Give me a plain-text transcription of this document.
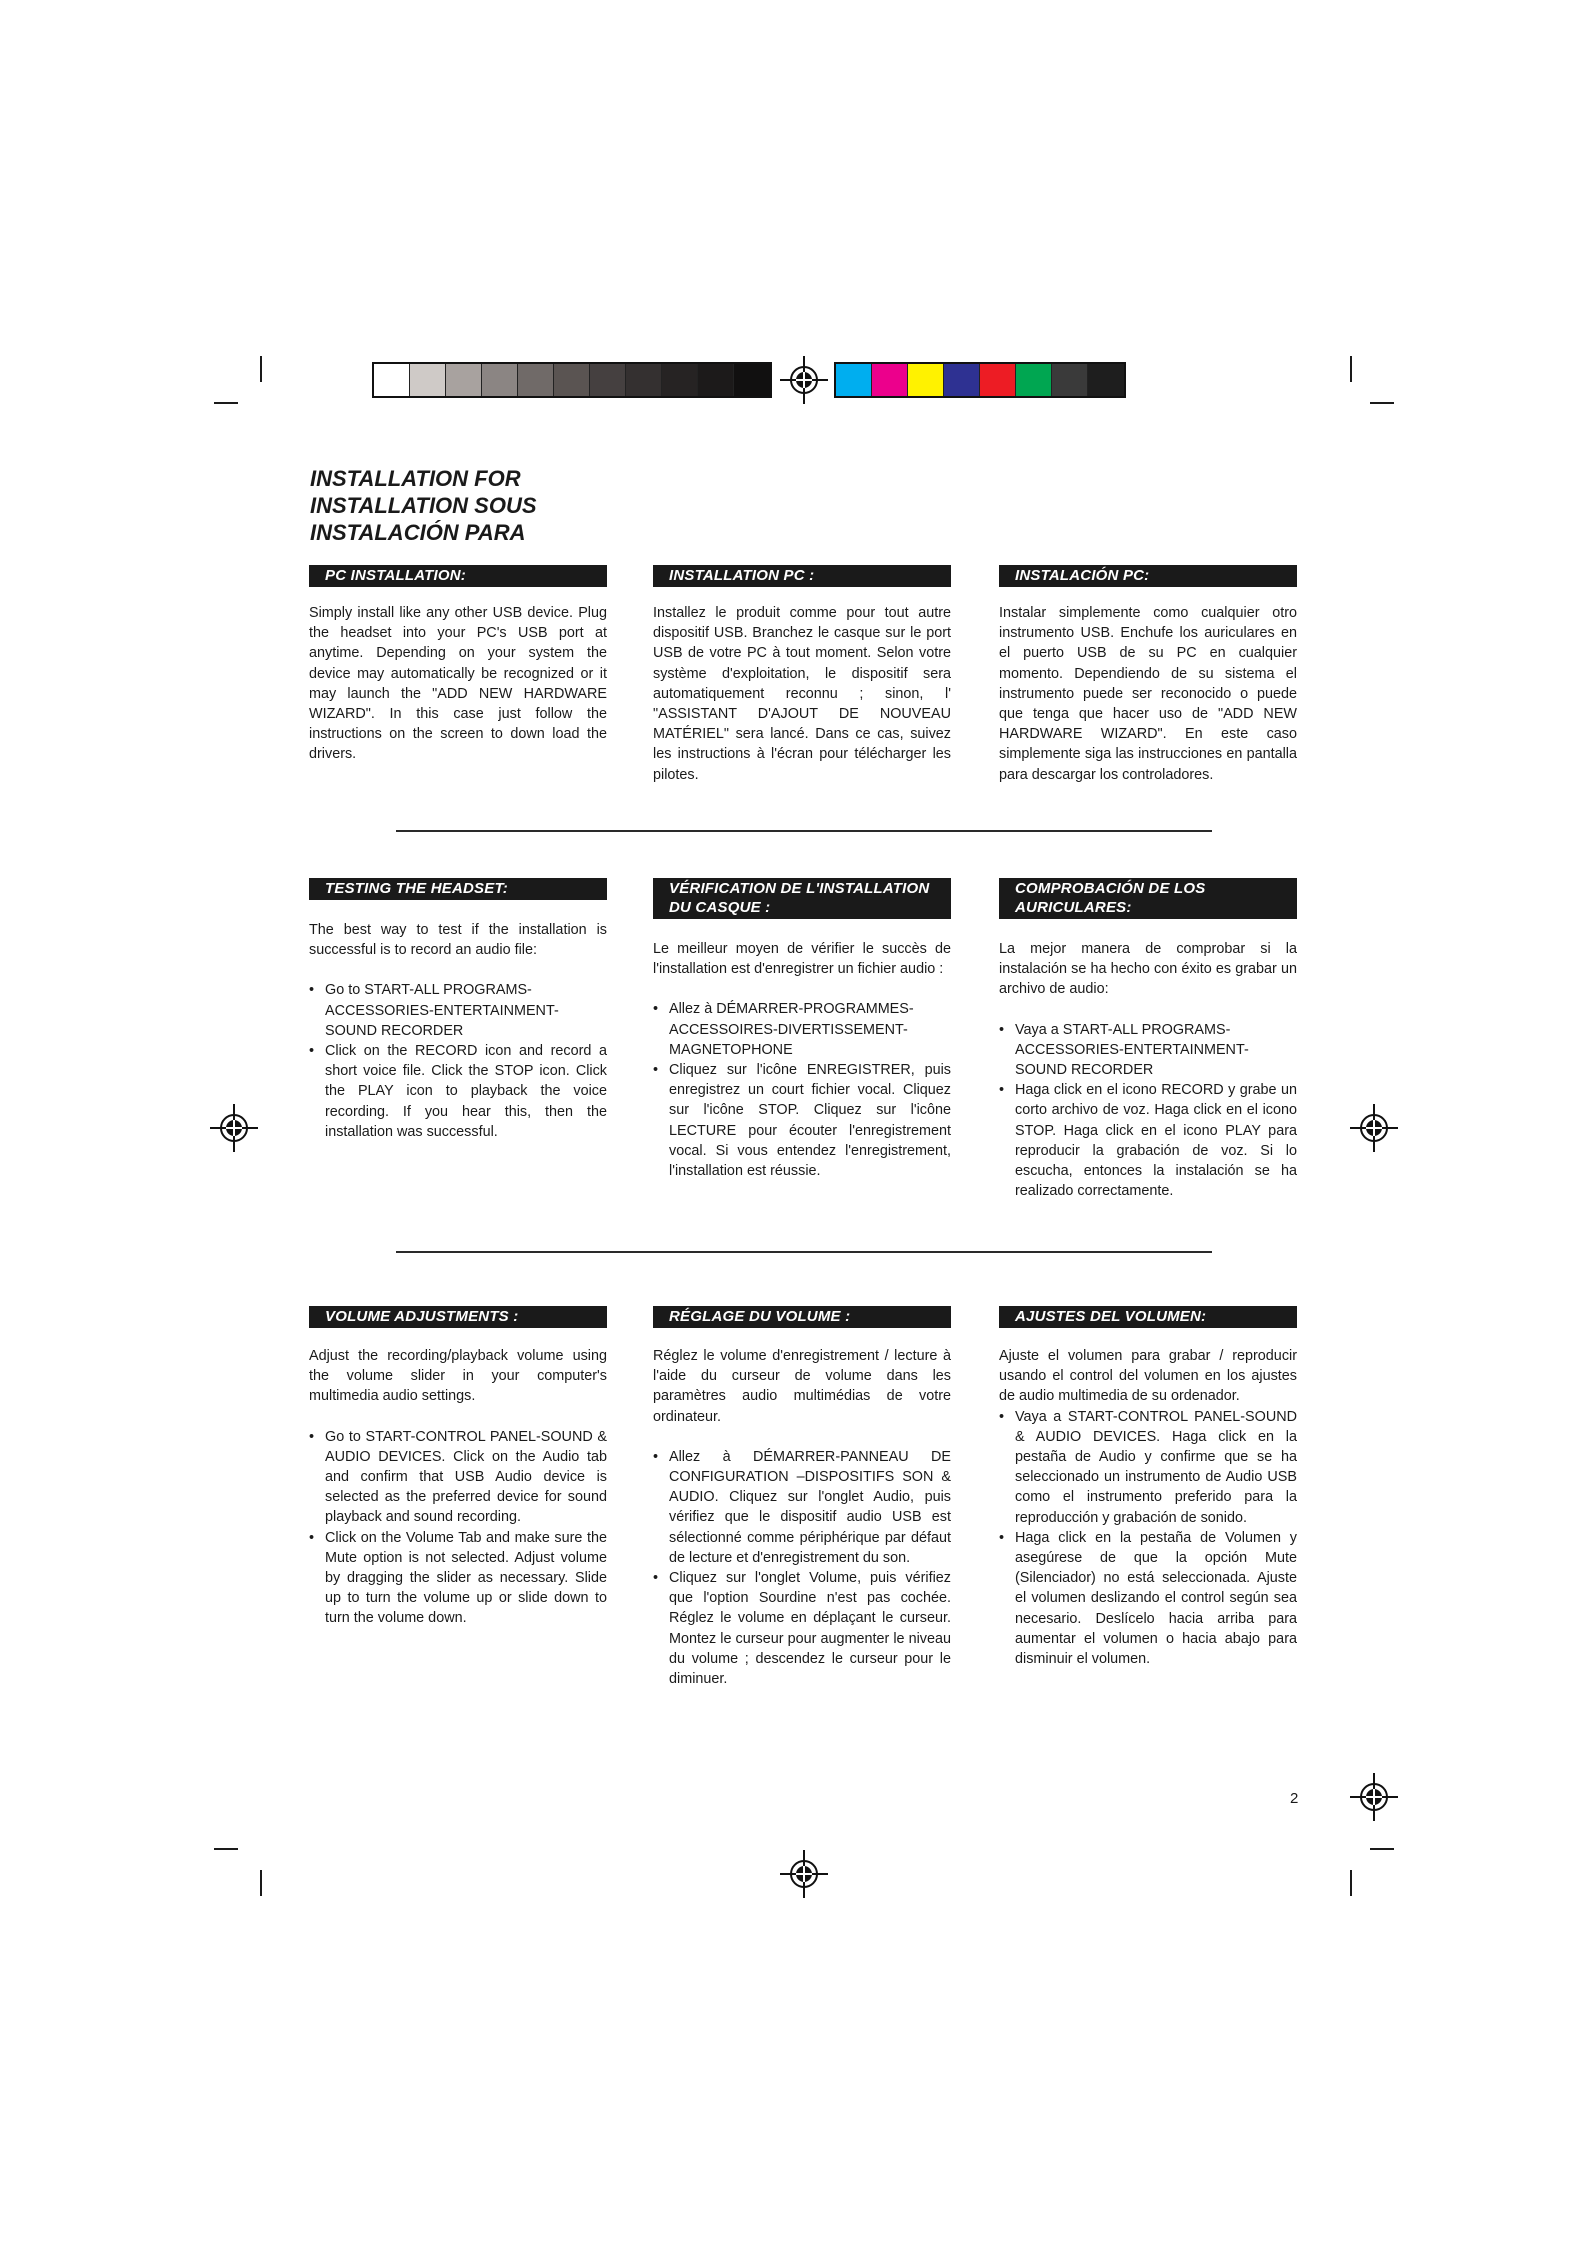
INSTALLATION FOR
INSTALLATION SOUS
INSTALACIÓN PARA
PC INSTALLATION:

Simply install like any other USB device. Plug the headset into your PC's USB port at anytime. Depending on your system the device may automatically be recognized or it may launch the "ADD NEW HARDWARE WIZARD". In this case just follow the instructions on the screen to down load the drivers.

INSTALLATION PC :

Installez le produit comme pour tout autre dispositif USB. Branchez le casque sur le port USB de votre PC à tout moment. Selon votre système d'exploitation, le dispositif sera automatiquement reconnu ; sinon, l' "ASSISTANT D'AJOUT DE NOUVEAU MATÉRIEL" sera lancé. Dans ce cas, suivez les instructions à l'écran pour télécharger les pilotes.

INSTALACIÓN PC:

Instalar simplemente como cualquier otro instrumento USB. Enchufe los auriculares en el puerto USB de su PC en cualquier momento. Dependiendo de su sistema el instrumento puede ser reconocido o puede que tenga que hacer uso de "ADD NEW HARDWARE WIZARD". En este caso simplemente siga las instrucciones en pantalla para descargar los controladores.

TESTING THE HEADSET:

The best way to test if the installation is successful is to record an audio file:

• Go to START-ALL PROGRAMS-ACCESSORIES-ENTERTAINMENT-SOUND RECORDER
• Click on the RECORD icon and record a short voice file. Click the STOP icon. Click the PLAY icon to playback the voice recording. If you hear this, then the installation was successful.
VÉRIFICATION DE L'INSTALLATION DU CASQUE :

Le meilleur moyen de vérifier le succès de l'installation est d'enregistrer un fichier audio :

• Allez à DÉMARRER-PROGRAMMES-ACCESSOIRES-DIVERTISSEMENT-MAGNETOPHONE
• Cliquez sur l'icône ENREGISTRER, puis enregistrez un court fichier vocal. Cliquez sur l'icône STOP. Cliquez sur l'icône LECTURE pour écouter l'enregistrement vocal. Si vous entendez l'enregistrement, l'installation est réussie.
COMPROBACIÓN DE LOS AURICULARES:

La mejor manera de comprobar si la instalación se ha hecho con éxito es grabar un archivo de audio:

• Vaya a START-ALL PROGRAMS-ACCESSORIES-ENTERTAINMENT-SOUND RECORDER
• Haga click en el icono RECORD y grabe un corto archivo de voz. Haga click en el icono STOP. Haga click en el icono PLAY para reproducir la grabación de voz. Si lo escucha, entonces la instalación se ha realizado correctamente.
VOLUME ADJUSTMENTS :

Adjust the recording/playback volume using the volume slider in your computer's multimedia audio settings.

• Go to START-CONTROL PANEL-SOUND & AUDIO DEVICES. Click on the Audio tab and confirm that USB Audio device is selected as the preferred device for sound playback and sound recording.
• Click on the Volume Tab and make sure the Mute option is not selected. Adjust volume by dragging the slider as necessary. Slide up to turn the volume up or slide down to turn the volume down.
RÉGLAGE DU VOLUME :

Réglez le volume d'enregistrement / lecture à l'aide du curseur de volume dans les paramètres audio multimédias de votre ordinateur.

• Allez à DÉMARRER-PANNEAU DE CONFIGURATION –DISPOSITIFS SON & AUDIO. Cliquez sur l'onglet Audio, puis vérifiez que le dispositif audio USB est sélectionné comme périphérique par défaut de lecture et d'enregistrement du son.
• Cliquez sur l'onglet Volume, puis vérifiez que l'option Sourdine n'est pas cochée. Réglez le volume en déplaçant le curseur. Montez le curseur pour augmenter le niveau du volume ; descendez le curseur pour le diminuer.
AJUSTES DEL VOLUMEN:

Ajuste el volumen para grabar / reproducir usando el control del volumen en los ajustes de audio multimedia de su ordenador.

• Vaya a START-CONTROL PANEL-SOUND & AUDIO DEVICES. Haga click en la pestaña de Audio y confirme que se ha seleccionado un instrumento de Audio USB como el instrumento preferido para la reproducción y grabación de sonido.
• Haga click en la pestaña de Volumen y asegúrese de que la opción Mute (Silenciador) no está seleccionada. Ajuste el volumen deslizando el control según sea necesario. Deslícelo hacia arriba para aumentar el volumen o hacia abajo para disminuir el volumen.
2
